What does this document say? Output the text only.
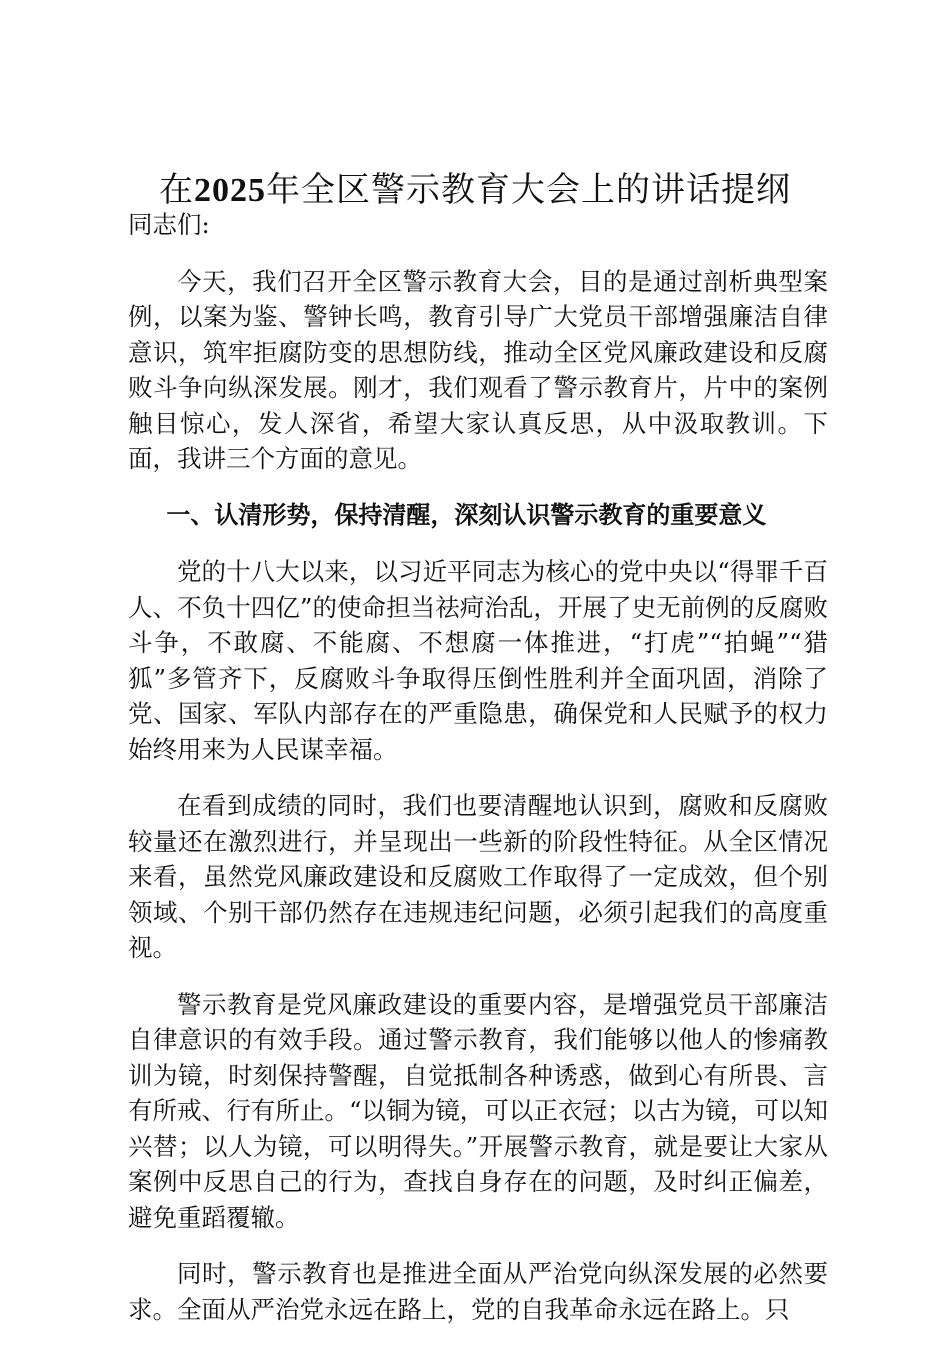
在2025年全区警示教育大会上的讲话提纲

同志们:

今天，我们召开全区警示教育大会，目的是通过剖析典型案例，以案为鉴、警钟长鸣，教育引导广大党员干部增强廉洁自律意识，筑牢拒腐防变的思想防线，推动全区党风廉政建设和反腐败斗争向纵深发展。刚才，我们观看了警示教育片，片中的案例触目惊心，发人深省，希望大家认真反思，从中汲取教训。下面，我讲三个方面的意见。

一、认清形势，保持清醒，深刻认识警示教育的重要意义

党的十八大以来，以习近平同志为核心的党中央以“得罪千百人、不负十四亿”的使命担当祛疴治乱，开展了史无前例的反腐败斗争，不敢腐、不能腐、不想腐一体推进，“打虎”“拍蝇”“猎狐”多管齐下，反腐败斗争取得压倒性胜利并全面巩固，消除了党、国家、军队内部存在的严重隐患，确保党和人民赋予的权力始终用来为人民谋幸福。

在看到成绩的同时，我们也要清醒地认识到，腐败和反腐败较量还在激烈进行，并呈现出一些新的阶段性特征。从全区情况来看，虽然党风廉政建设和反腐败工作取得了一定成效，但个别领域、个别干部仍然存在违规违纪问题，必须引起我们的高度重视。

警示教育是党风廉政建设的重要内容，是增强党员干部廉洁自律意识的有效手段。通过警示教育，我们能够以他人的惨痛教训为镜，时刻保持警醒，自觉抵制各种诱惑，做到心有所畏、言有所戒、行有所止。“以铜为镜，可以正衣冠；以古为镜，可以知兴替；以人为镜，可以明得失。”开展警示教育，就是要让大家从案例中反思自己的行为，查找自身存在的问题，及时纠正偏差，避免重蹈覆辙。

同时，警示教育也是推进全面从严治党向纵深发展的必然要求。全面从严治党永远在路上，党的自我革命永远在路上。只
